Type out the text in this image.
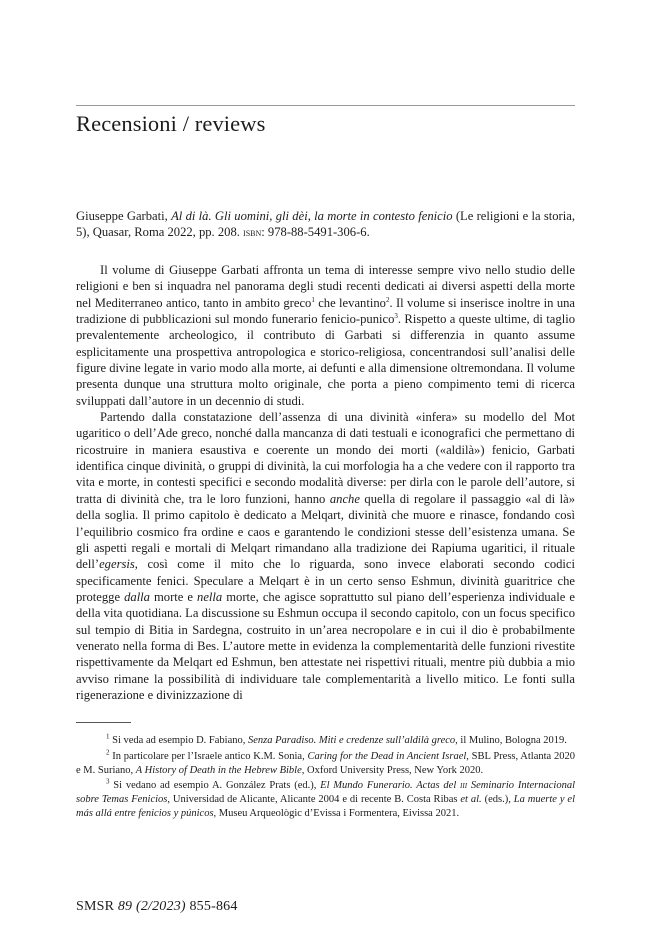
Recensioni / reviews
Giuseppe Garbati, Al di là. Gli uomini, gli dèi, la morte in contesto fenicio (Le religioni e la storia, 5), Quasar, Roma 2022, pp. 208. isbn: 978-88-5491-306-6.

Il volume di Giuseppe Garbati affronta un tema di interesse sempre vivo nello studio delle religioni e ben si inquadra nel panorama degli studi recenti dedicati ai diversi aspetti della morte nel Mediterraneo antico, tanto in ambito greco$^1$ che levantino$^2$. Il volume si inserisce inoltre in una tradizione di pubblicazioni sul mondo funerario fenicio-punico$^3$. Rispetto a queste ultime, di taglio prevalentemente archeologico, il contributo di Garbati si differenzia in quanto assume esplicitamente una prospettiva antropologica e storico-religiosa, concentrandosi sull’analisi delle figure divine legate in vario modo alla morte, ai defunti e alla dimensione oltremondana. Il volume presenta dunque una struttura molto originale, che porta a pieno compimento temi di ricerca sviluppati dall’autore in un decennio di studi.

Partendo dalla constatazione dell’assenza di una divinità «infera» su modello del Mot ugaritico o dell’Ade greco, nonché dalla mancanza di dati testuali e iconografici che permettano di ricostruire in maniera esaustiva e coerente un mondo dei morti («aldilà») fenicio, Garbati identifica cinque divinità, o gruppi di divinità, la cui morfologia ha a che vedere con il rapporto tra vita e morte, in contesti specifici e secondo modalità diverse: per dirla con le parole dell’autore, si tratta di divinità che, tra le loro funzioni, hanno anche quella di regolare il passaggio «al di là» della soglia. Il primo capitolo è dedicato a Melqart, divinità che muore e rinasce, fondando così l’equilibrio cosmico fra ordine e caos e garantendo le condizioni stesse dell’esistenza umana. Se gli aspetti regali e mortali di Melqart rimandano alla tradizione dei Rapiuma ugaritici, il rituale dell’egersis, così come il mito che lo riguarda, sono invece elaborati secondo codici specificamente fenici. Speculare a Melqart è in un certo senso Eshmun, divinità guaritrice che protegge dalla morte e nella morte, che agisce soprattutto sul piano dell’esperienza individuale e della vita quotidiana. La discussione su Eshmun occupa il secondo capitolo, con un focus specifico sul tempio di Bitia in Sardegna, costruito in un’area necropolare e in cui il dio è probabilmente venerato nella forma di Bes. L’autore mette in evidenza la complementarità delle funzioni rivestite rispettivamente da Melqart ed Eshmun, ben attestate nei rispettivi rituali, mentre più dubbia a mio avviso rimane la possibilità di individuare tale complementarità a livello mitico. Le fonti sulla rigenerazione e divinizzazione di

$^1$ Si veda ad esempio D. Fabiano, Senza Paradiso. Miti e credenze sull’aldilà greco, il Mulino, Bologna 2019.

$^2$ In particolare per l’Israele antico K.M. Sonia, Caring for the Dead in Ancient Israel, SBL Press, Atlanta 2020 e M. Suriano, A History of Death in the Hebrew Bible, Oxford University Press, New York 2020.

$^3$ Si vedano ad esempio A. González Prats (ed.), El Mundo Funerario. Actas del iii Seminario Internacional sobre Temas Fenicios, Universidad de Alicante, Alicante 2004 e di recente B. Costa Ribas et al. (eds.), La muerte y el más allá entre fenicios y púnicos, Museu Arqueològic d’Evissa i Formentera, Eivissa 2021.

SMSR 89 (2/2023) 855-864
